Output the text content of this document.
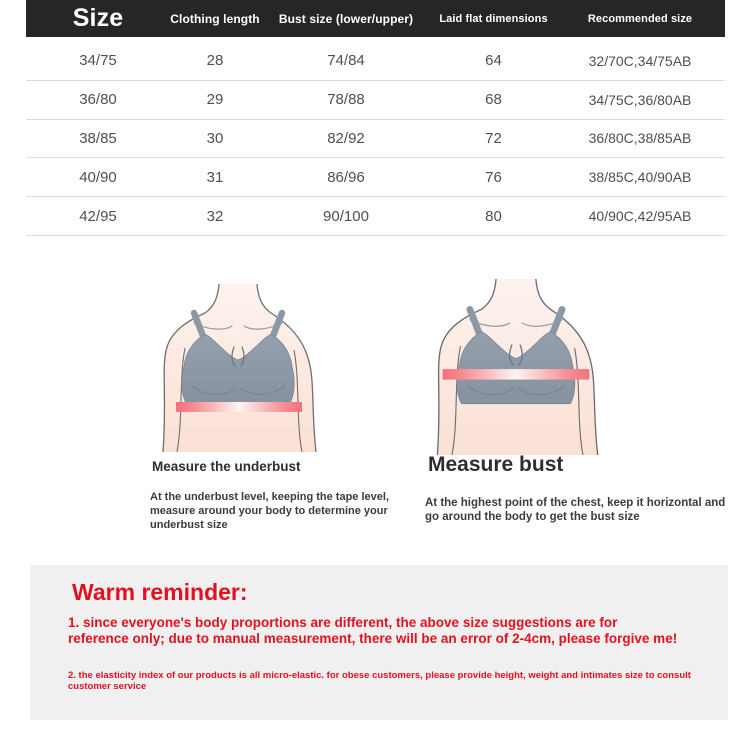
Size	Clothing length	Bust size (lower/upper)	Laid flat dimensions	Recommended size
34/75	28	74/84	64	32/70C,34/75AB
36/80	29	78/88	68	34/75C,36/80AB
38/85	30	82/92	72	36/80C,38/85AB
40/90	31	86/96	76	38/85C,40/90AB
42/95	32	90/100	80	40/90C,42/95AB
Measure the underbust
At the underbust level, keeping the tape level, measure around your body to determine your underbust size
Measure bust
At the highest point of the chest, keep it horizontal and go around the body to get the bust size
Warm reminder:

1. since everyone's body proportions are different, the above size suggestions are for reference only; due to manual measurement, there will be an error of 2-4cm, please forgive me!

2. the elasticity index of our products is all micro-elastic. for obese customers, please provide height, weight and intimates size to consult customer service
